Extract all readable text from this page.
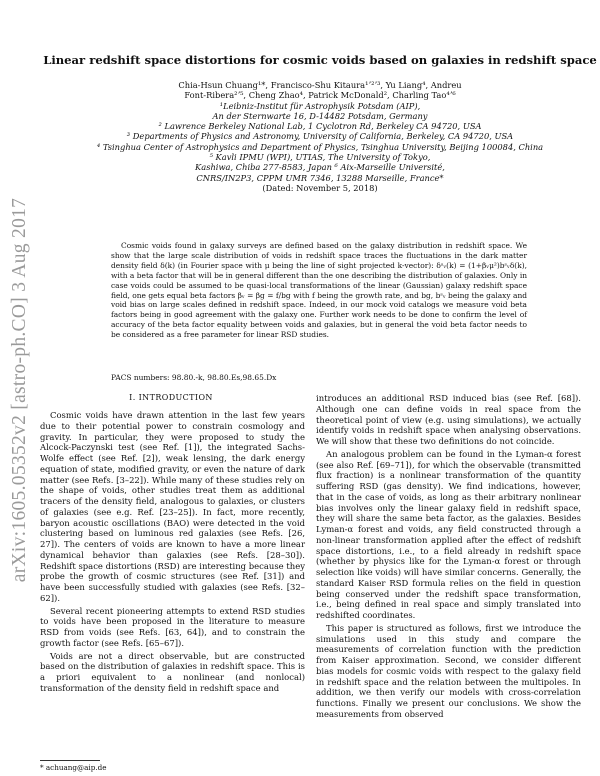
arXiv:1605.05352v2 [astro-ph.CO] 3 Aug 2017
Linear redshift space distortions for cosmic voids based on galaxies in redshift space
Chia-Hsun Chuang¹*, Francisco-Shu Kitaura¹ʼ²ʼ³, Yu Liang⁴, Andreu
Font-Ribera²ʼ⁵, Cheng Zhao⁴, Patrick McDonald², Charling Tao⁴ʼ⁶
¹Leibniz-Institut für Astrophysik Potsdam (AIP),
An der Sternwarte 16, D-14482 Potsdam, Germany
² Lawrence Berkeley National Lab, 1 Cyclotron Rd, Berkeley CA 94720, USA
³ Departments of Physics and Astronomy, University of California, Berkeley, CA 94720, USA
⁴ Tsinghua Center of Astrophysics and Department of Physics, Tsinghua University, Beijing 100084, China
⁵ Kavli IPMU (WPI), UTIAS, The University of Tokyo,
Kashiwa, Chiba 277-8583, Japan ⁶ Aix-Marseille Université,
CNRS/IN2P3, CPPM UMR 7346, 13288 Marseille, France*
(Dated: November 5, 2018)
Cosmic voids found in galaxy surveys are defined based on the galaxy distribution in redshift space. We show that the large scale distribution of voids in redshift space traces the fluctuations in the dark matter density field δ(k) (in Fourier space with μ being the line of sight projected k-vector): δˢᵥ(k) = (1+βᵥμ²)bˢᵥδ(k), with a beta factor that will be in general different than the one describing the distribution of galaxies. Only in case voids could be assumed to be quasi-local transformations of the linear (Gaussian) galaxy redshift space field, one gets equal beta factors βᵥ = βg = f/bg with f being the growth rate, and bg, bˢᵥ being the galaxy and void bias on large scales defined in redshift space. Indeed, in our mock void catalogs we measure void beta factors being in good agreement with the galaxy one. Further work needs to be done to confirm the level of accuracy of the beta factor equality between voids and galaxies, but in general the void beta factor needs to be considered as a free parameter for linear RSD studies.
PACS numbers: 98.80.-k, 98.80.Es,98.65.Dx
I. INTRODUCTION

Cosmic voids have drawn attention in the last few years due to their potential power to constrain cosmology and gravity. In particular, they were proposed to study the Alcock-Paczynski test (see Ref. [1]), the integrated Sachs-Wolfe effect (see Ref. [2]), weak lensing, the dark energy equation of state, modified gravity, or even the nature of dark matter (see Refs. [3–22]). While many of these studies rely on the shape of voids, other studies treat them as additional tracers of the density field, analogous to galaxies, or clusters of galaxies (see e.g. Ref. [23–25]). In fact, more recently, baryon acoustic oscillations (BAO) were detected in the void clustering based on luminous red galaxies (see Refs. [26, 27]). The centers of voids are known to have a more linear dynamical behavior than galaxies (see Refs. [28–30]). Redshift space distortions (RSD) are interesting because they probe the growth of cosmic structures (see Ref. [31]) and have been successfully studied with galaxies (see Refs. [32–62]).

Several recent pioneering attempts to extend RSD studies to voids have been proposed in the literature to measure RSD from voids (see Refs. [63, 64]), and to constrain the growth factor (see Refs. [65–67]).

Voids are not a direct observable, but are constructed based on the distribution of galaxies in redshift space. This is a priori equivalent to a nonlinear (and nonlocal) transformation of the density field in redshift space and

introduces an additional RSD induced bias (see Ref. [68]). Although one can define voids in real space from the theoretical point of view (e.g. using simulations), we actually identify voids in redshift space when analysing observations. We will show that these two definitions do not coincide.

An analogous problem can be found in the Lyman-α forest (see also Ref. [69–71]), for which the observable (transmitted flux fraction) is a nonlinear transformation of the quantity suffering RSD (gas density). We find indications, however, that in the case of voids, as long as their arbitrary nonlinear bias involves only the linear galaxy field in redshift space, they will share the same beta factor, as the galaxies. Besides Lyman-α forest and voids, any field constructed through a non-linear transformation applied after the effect of redshift space distortions, i.e., to a field already in redshift space (whether by physics like for the Lyman-α forest or through selection like voids) will have similar concerns. Generally, the standard Kaiser RSD formula relies on the field in question being conserved under the redshift space transformation, i.e., being defined in real space and simply translated into redshifted coordinates.

This paper is structured as follows, first we introduce the simulations used in this study and compare the measurements of correlation function with the prediction from Kaiser approximation. Second, we consider different bias models for cosmic voids with respect to the galaxy field in redshift space and the relation between the multipoles. In addition, we then verify our models with cross-correlation functions. Finally we present our conclusions. We show the measurements from observed

* achuang@aip.de
